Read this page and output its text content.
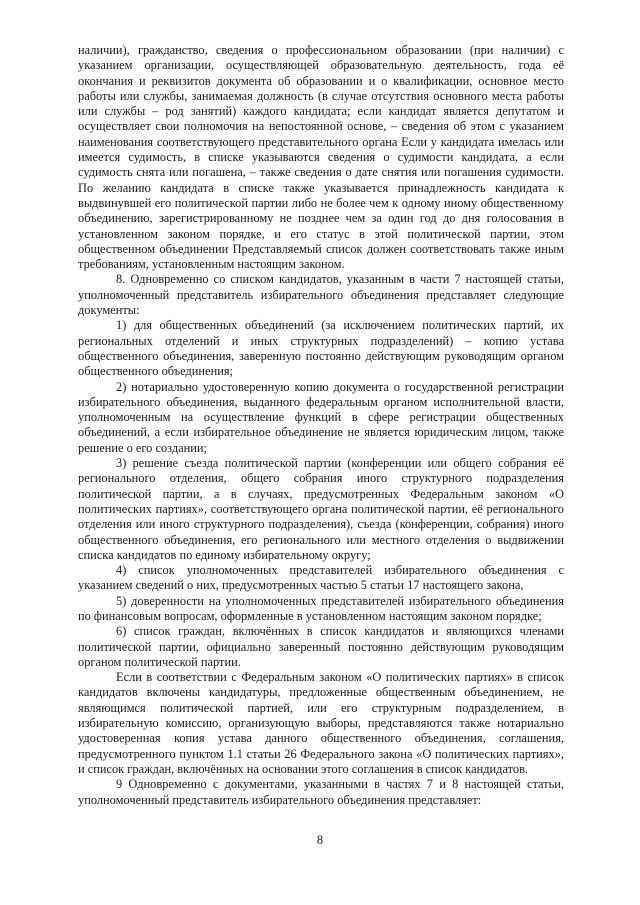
наличии), гражданство, сведения о профессиональном образовании (при наличии) с указанием организации, осуществляющей образовательную деятельность, года её окончания и реквизитов документа об образовании и о квалификации, основное место работы или службы, занимаемая должность (в случае отсутствия основного места работы или службы – род занятий) каждого кандидата; если кандидат является депутатом и осуществляет свои полномочия на непостоянной основе, – сведения об этом с указанием наименования соответствующего представительного органа Если у кандидата имелась или имеется судимость, в списке указываются сведения о судимости кандидата, а если судимость снята или погашена, – также сведения о дате снятия или погашения судимости. По желанию кандидата в списке также указывается принадлежность кандидата к выдвинувшей его политической партии либо не более чем к одному иному общественному объединению, зарегистрированному не позднее чем за один год до дня голосования в установленном законом порядке, и его статус в этой политической партии, этом общественном объединении Представляемый список должен соответствовать также иным требованиям, установленным настоящим законом.

8. Одновременно со списком кандидатов, указанным в части 7 настоящей статьи, уполномоченный представитель избирательного объединения представляет следующие документы:

1) для общественных объединений (за исключением политических партий, их региональных отделений и иных структурных подразделений) – копию устава общественного объединения, заверенную постоянно действующим руководящим органом общественного объединения;

2) нотариально удостоверенную копию документа о государственной регистрации избирательного объединения, выданного федеральным органом исполнительной власти, уполномоченным на осуществление функций в сфере регистрации общественных объединений, а если избирательное объединение не является юридическим лицом, также решение о его создании;

3) решение съезда политической партии (конференции или общего собрания её регионального отделения, общего собрания иного структурного подразделения политической партии, а в случаях, предусмотренных Федеральным законом «О политических партиях», соответствующего органа политической партии, её регионального отделения или иного структурного подразделения), съезда (конференции, собрания) иного общественного объединения, его регионального или местного отделения о выдвижении списка кандидатов по единому избирательному округу;

4) список уполномоченных представителей избирательного объединения с указанием сведений о них, предусмотренных частью 5 статьи 17 настоящего закона,

5) доверенности на уполномоченных представителей избирательного объединения по финансовым вопросам, оформленные в установленном настоящим законом порядке;

6) список граждан, включённых в список кандидатов и являющихся членами политической партии, официально заверенный постоянно действующим руководящим органом политической партии.

Если в соответствии с Федеральным законом «О политических партиях» в список кандидатов включены кандидатуры, предложенные общественным объединением, не являющимся политической партией, или его структурным подразделением, в избирательную комиссию, организующую выборы, представляются также нотариально удостоверенная копия устава данного общественного объединения, соглашения, предусмотренного пунктом 1.1 статьи 26 Федерального закона «О политических партиях», и список граждан, включённых на основании этого соглашения в список кандидатов.

9 Одновременно с документами, указанными в частях 7 и 8 настоящей статьи, уполномоченный представитель избирательного объединения представляет:

8
